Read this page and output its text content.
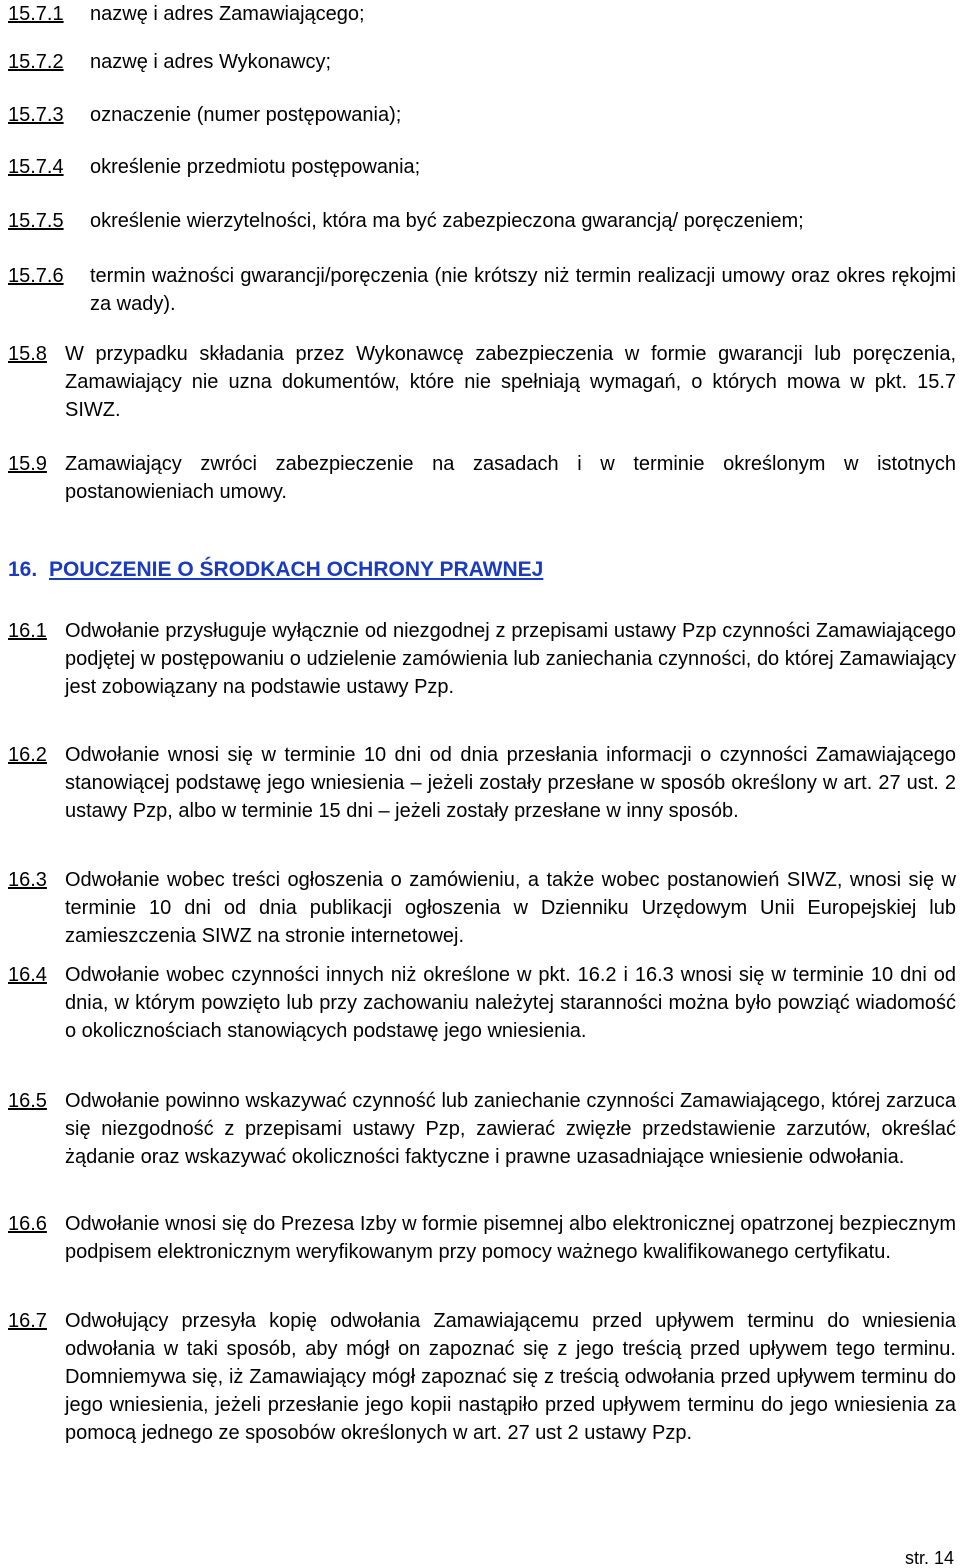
15.7.1 nazwę i adres Zamawiającego;
15.7.2 nazwę i adres Wykonawcy;
15.7.3 oznaczenie (numer postępowania);
15.7.4 określenie przedmiotu postępowania;
15.7.5 określenie wierzytelności, która ma być zabezpieczona gwarancją/ poręczeniem;
15.7.6 termin ważności gwarancji/poręczenia (nie krótszy niż termin realizacji umowy oraz okres rękojmi za wady).
15.8 W przypadku składania przez Wykonawcę zabezpieczenia w formie gwarancji lub poręczenia, Zamawiający nie uzna dokumentów, które nie spełniają wymagań, o których mowa w pkt. 15.7 SIWZ.
15.9 Zamawiający zwróci zabezpieczenie na zasadach i w terminie określonym w istotnych postanowieniach umowy.
16. POUCZENIE O ŚRODKACH OCHRONY PRAWNEJ
16.1 Odwołanie przysługuje wyłącznie od niezgodnej z przepisami ustawy Pzp czynności Zamawiającego podjętej w postępowaniu o udzielenie zamówienia lub zaniechania czynności, do której Zamawiający jest zobowiązany na podstawie ustawy Pzp.
16.2 Odwołanie wnosi się w terminie 10 dni od dnia przesłania informacji o czynności Zamawiającego stanowiącej podstawę jego wniesienia – jeżeli zostały przesłane w sposób określony w art. 27 ust. 2 ustawy Pzp, albo w terminie 15 dni – jeżeli zostały przesłane w inny sposób.
16.3 Odwołanie wobec treści ogłoszenia o zamówieniu, a także wobec postanowień SIWZ, wnosi się w terminie 10 dni od dnia publikacji ogłoszenia w Dzienniku Urzędowym Unii Europejskiej lub zamieszczenia SIWZ na stronie internetowej.
16.4 Odwołanie wobec czynności innych niż określone w pkt. 16.2 i 16.3 wnosi się w terminie 10 dni od dnia, w którym powzięto lub przy zachowaniu należytej staranności można było powziąć wiadomość o okolicznościach stanowiących podstawę jego wniesienia.
16.5 Odwołanie powinno wskazywać czynność lub zaniechanie czynności Zamawiającego, której zarzuca się niezgodność z przepisami ustawy Pzp, zawierać zwięzłe przedstawienie zarzutów, określać żądanie oraz wskazywać okoliczności faktyczne i prawne uzasadniające wniesienie odwołania.
16.6 Odwołanie wnosi się do Prezesa Izby w formie pisemnej albo elektronicznej opatrzonej bezpiecznym podpisem elektronicznym weryfikowanym przy pomocy ważnego kwalifikowanego certyfikatu.
16.7 Odwołujący przesyła kopię odwołania Zamawiającemu przed upływem terminu do wniesienia odwołania w taki sposób, aby mógł on zapoznać się z jego treścią przed upływem tego terminu. Domniemywa się, iż Zamawiający mógł zapoznać się z treścią odwołania przed upływem terminu do jego wniesienia, jeżeli przesłanie jego kopii nastąpiło przed upływem terminu do jego wniesienia za pomocą jednego ze sposobów określonych w art. 27 ust 2 ustawy Pzp.
str. 14
